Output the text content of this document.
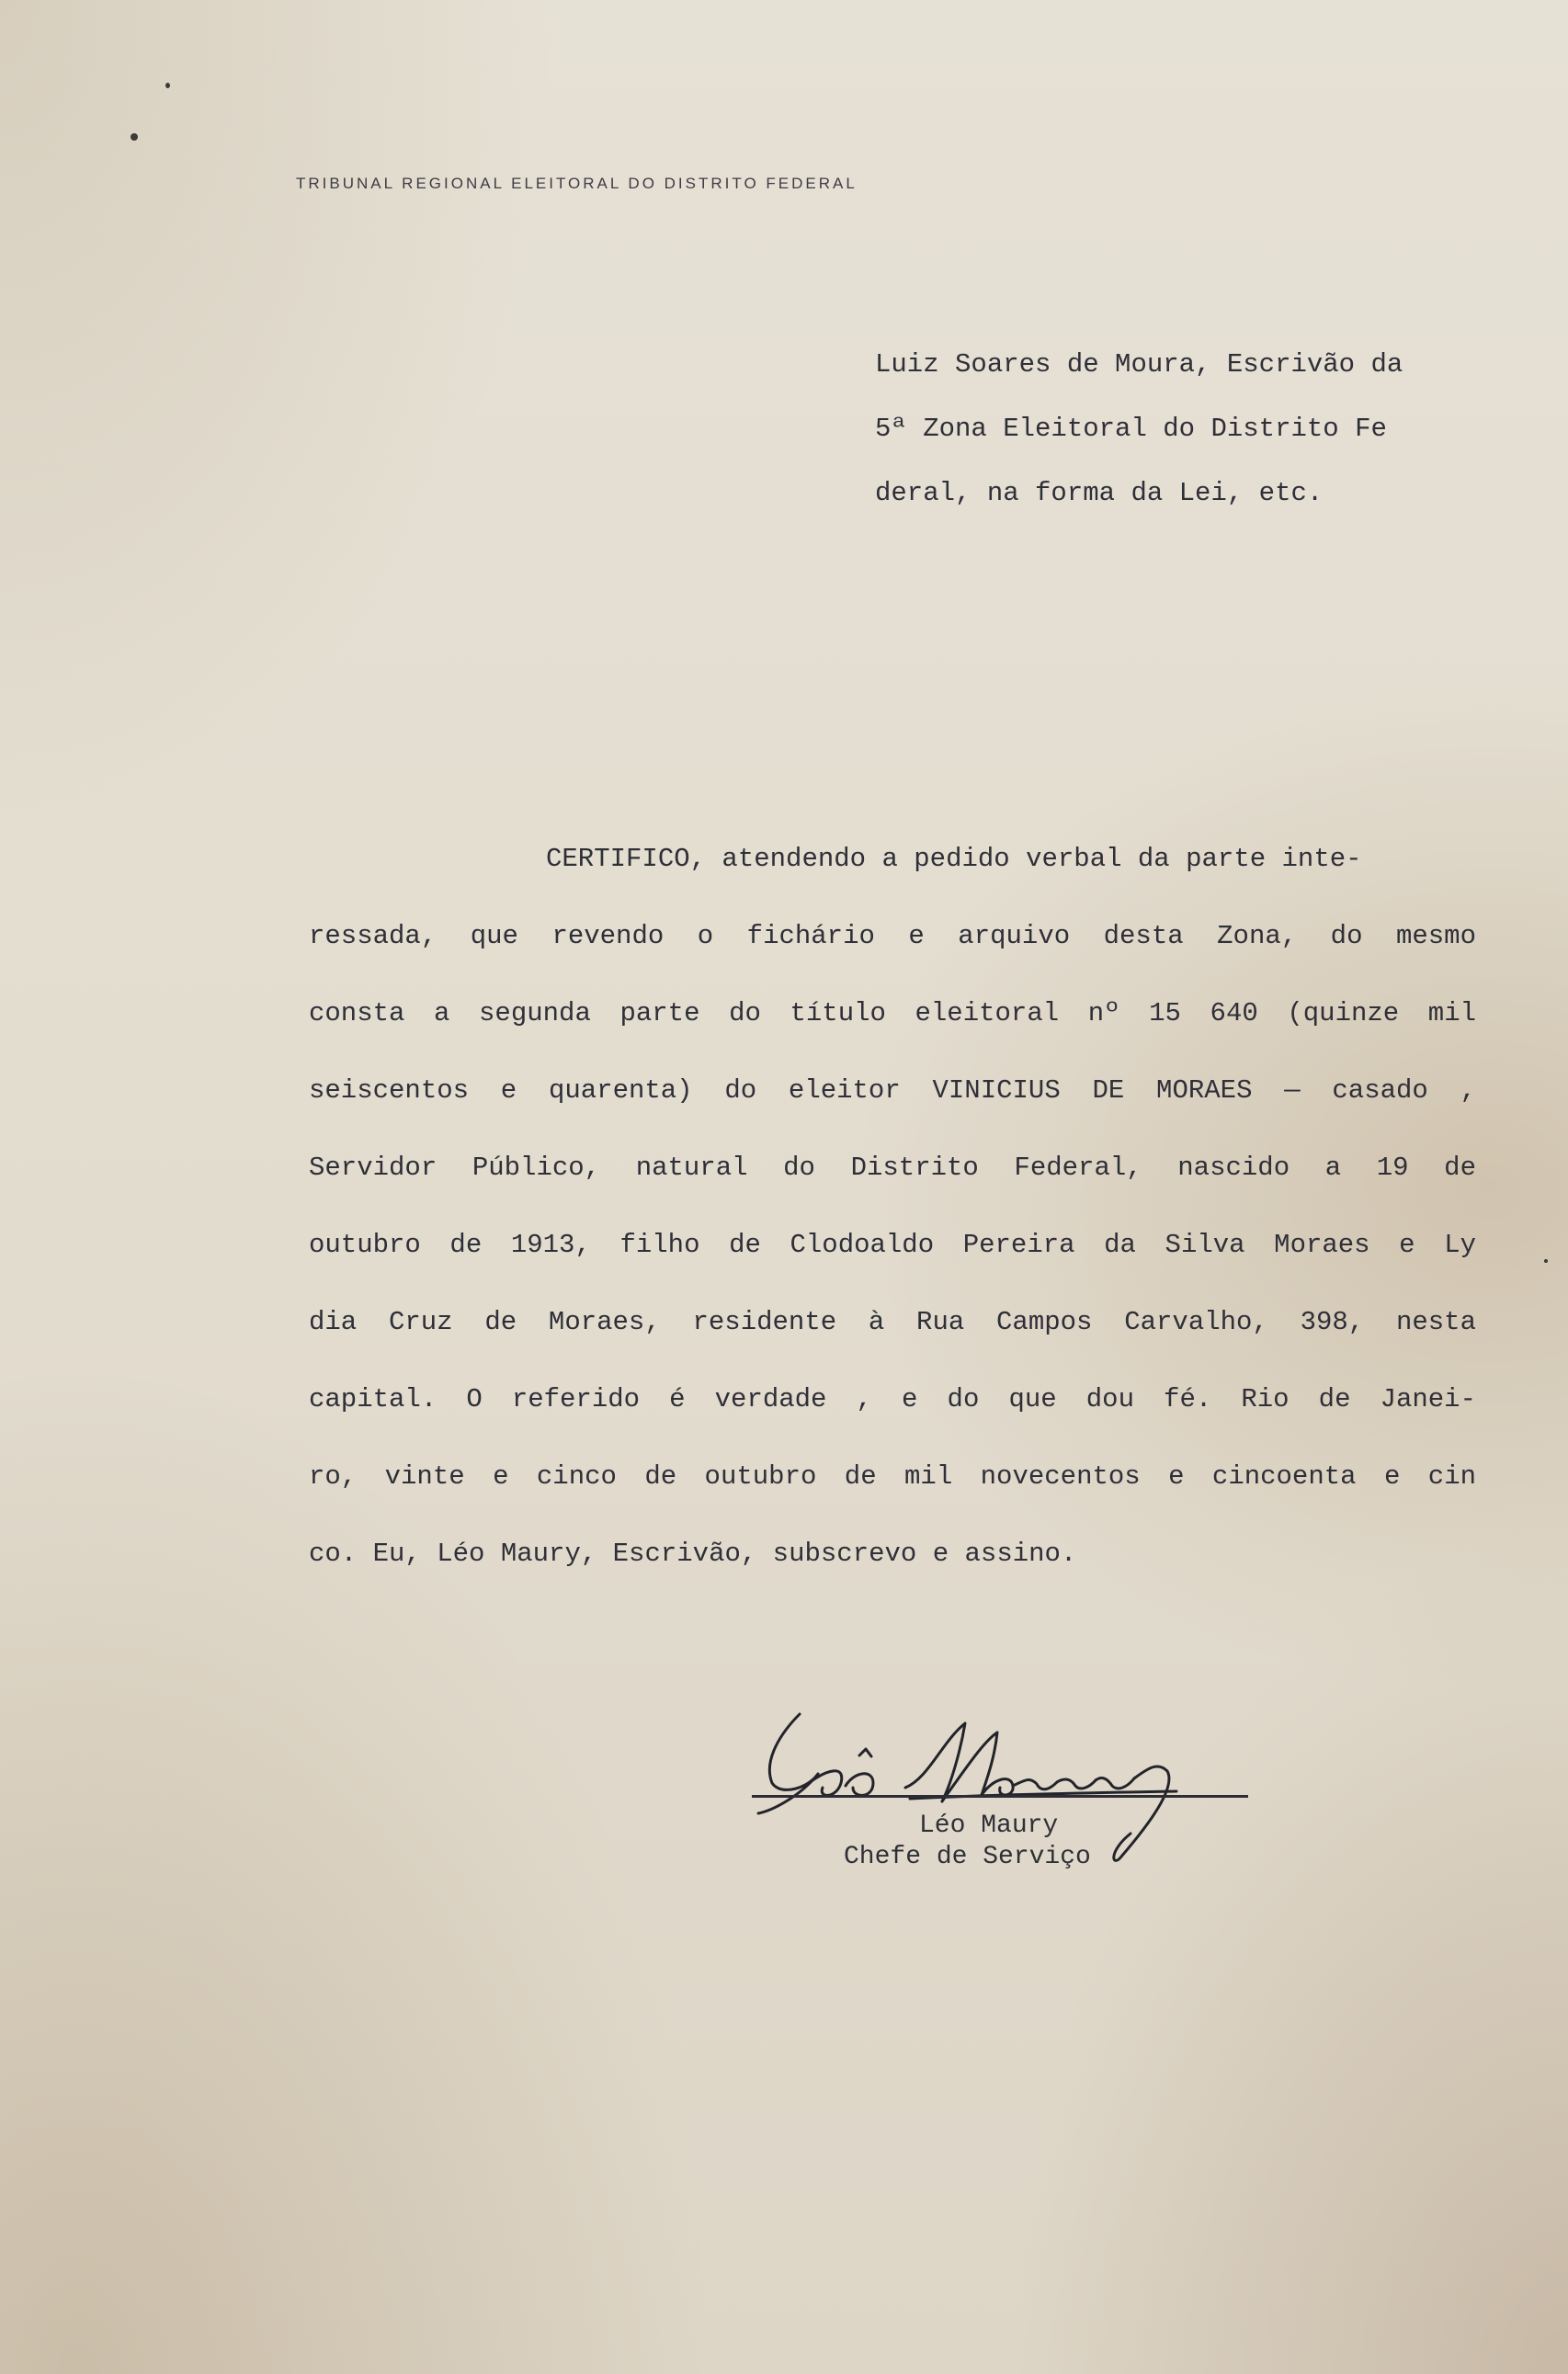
TRIBUNAL REGIONAL ELEITORAL DO DISTRITO FEDERAL
Luiz Soares de Moura, Escrivão da
5ª Zona Eleitoral do Distrito Fe
deral, na forma da Lei, etc.
CERTIFICO, atendendo a pedido verbal da parte inte-
ressada, que revendo o fichário e arquivo desta Zona, do mesmo
consta a segunda parte do título eleitoral nº 15 640 (quinze mil
seiscentos e quarenta) do eleitor VINICIUS DE MORAES — casado ,
Servidor Público, natural do Distrito Federal, nascido a 19 de
outubro de 1913, filho de Clodoaldo Pereira da Silva Moraes e Ly
dia Cruz de Moraes, residente à Rua Campos Carvalho, 398, nesta
capital. O referido é verdade , e do que dou fé. Rio de Janei-
ro, vinte e cinco de outubro de mil novecentos e cincoenta e cin
co. Eu, Léo Maury, Escrivão, subscrevo e assino.
Léo Maury
Chefe de Serviço
